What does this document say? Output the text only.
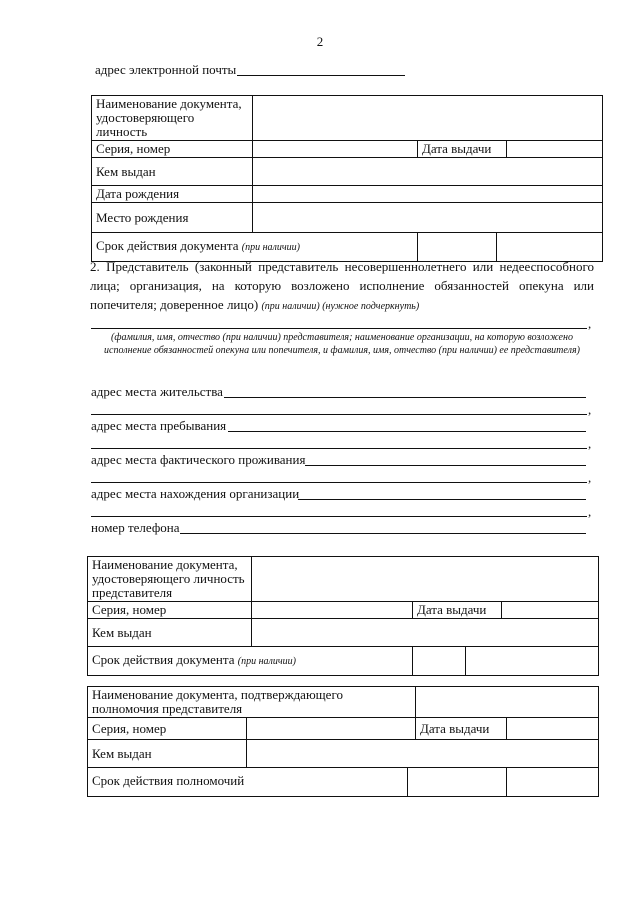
2
адрес электронной почты
Наименование документа, удостоверяющего личность			
Серия, номер		Дата выдачи	
Кем выдан			
Дата рождения			
Место рождения			
Срок действия документа (при наличии)			
2. Представитель (законный представитель несовершеннолетнего или недееспособного лица; организация, на которую возложено исполнение обязанностей опекуна или попечителя; доверенное лицо) (при наличии) (нужное подчеркнуть)
,
(фамилия, имя, отчество (при наличии) представителя; наименование организации, на которую возложено исполнение обязанностей опекуна или попечителя, и фамилия, имя, отчество (при наличии) ее представителя)
адрес места жительства
,
адрес места пребывания
,
адрес места фактического проживания
,
адрес места нахождения организации
,
номер телефона
Наименование документа, удостоверяющего личность представителя			
Серия, номер		Дата выдачи	
Кем выдан			
Срок действия документа (при наличии)			
Наименование документа, подтверждающего полномочия представителя			
Серия, номер		Дата выдачи	
Кем выдан			

Срок действия полномочий			
